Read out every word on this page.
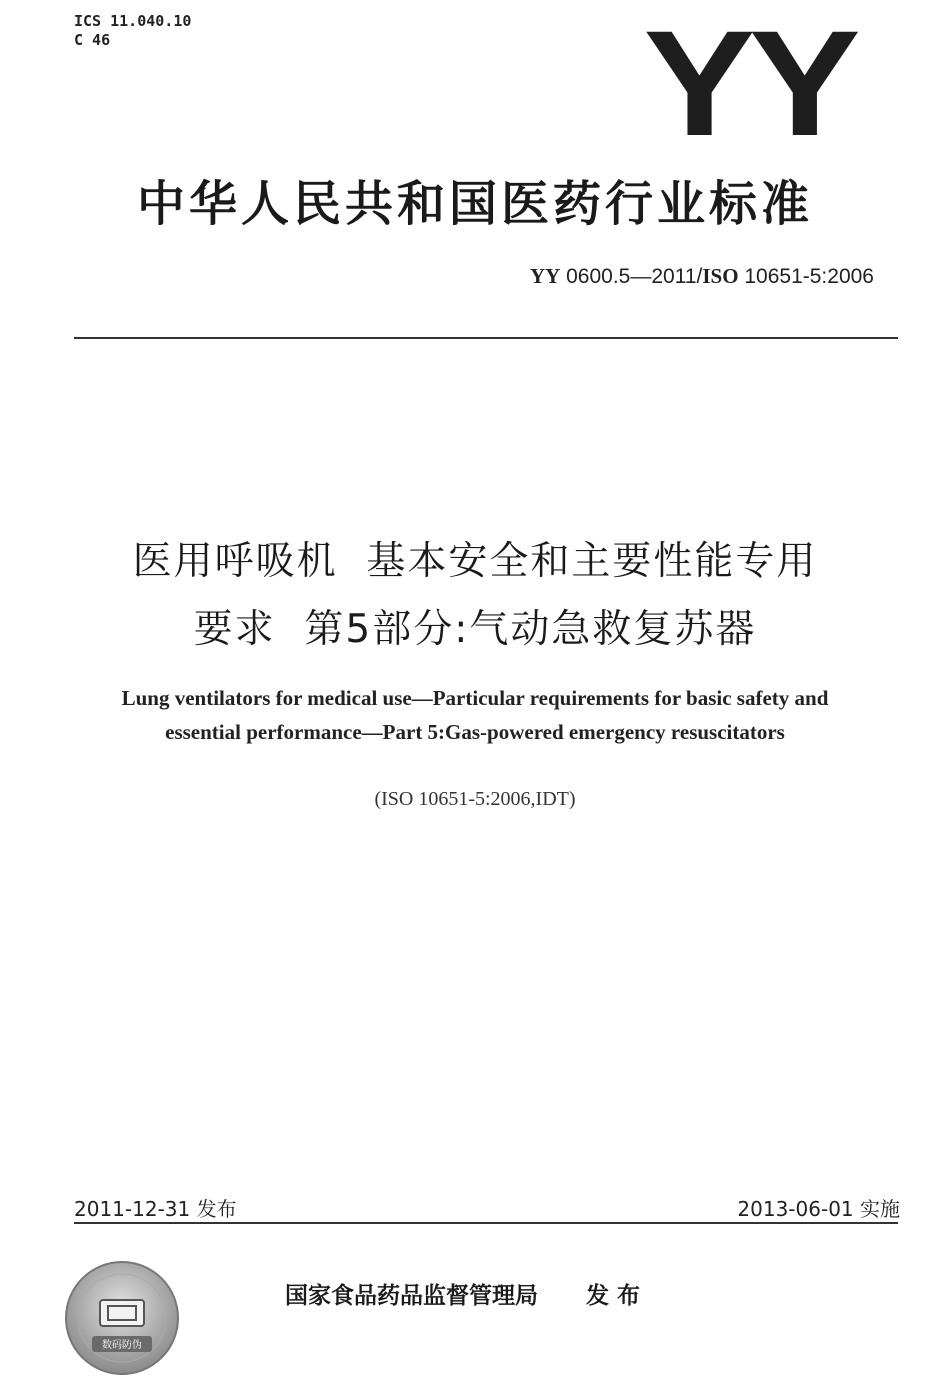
ICS 11.040.10
C 46	YY
中华人民共和国医药行业标准
YY 0600.5—2011/ISO 10651-5:2006
医用呼吸机  基本安全和主要性能专用
要求  第5部分:气动急救复苏器
Lung ventilators for medical use—Particular requirements for basic safety and
essential performance—Part 5:Gas-powered emergency resuscitators
(ISO 10651-5:2006,IDT)
2011-12-31 发布	2013-06-01 实施
数码防伪
国家食品药品监督管理局      发 布
